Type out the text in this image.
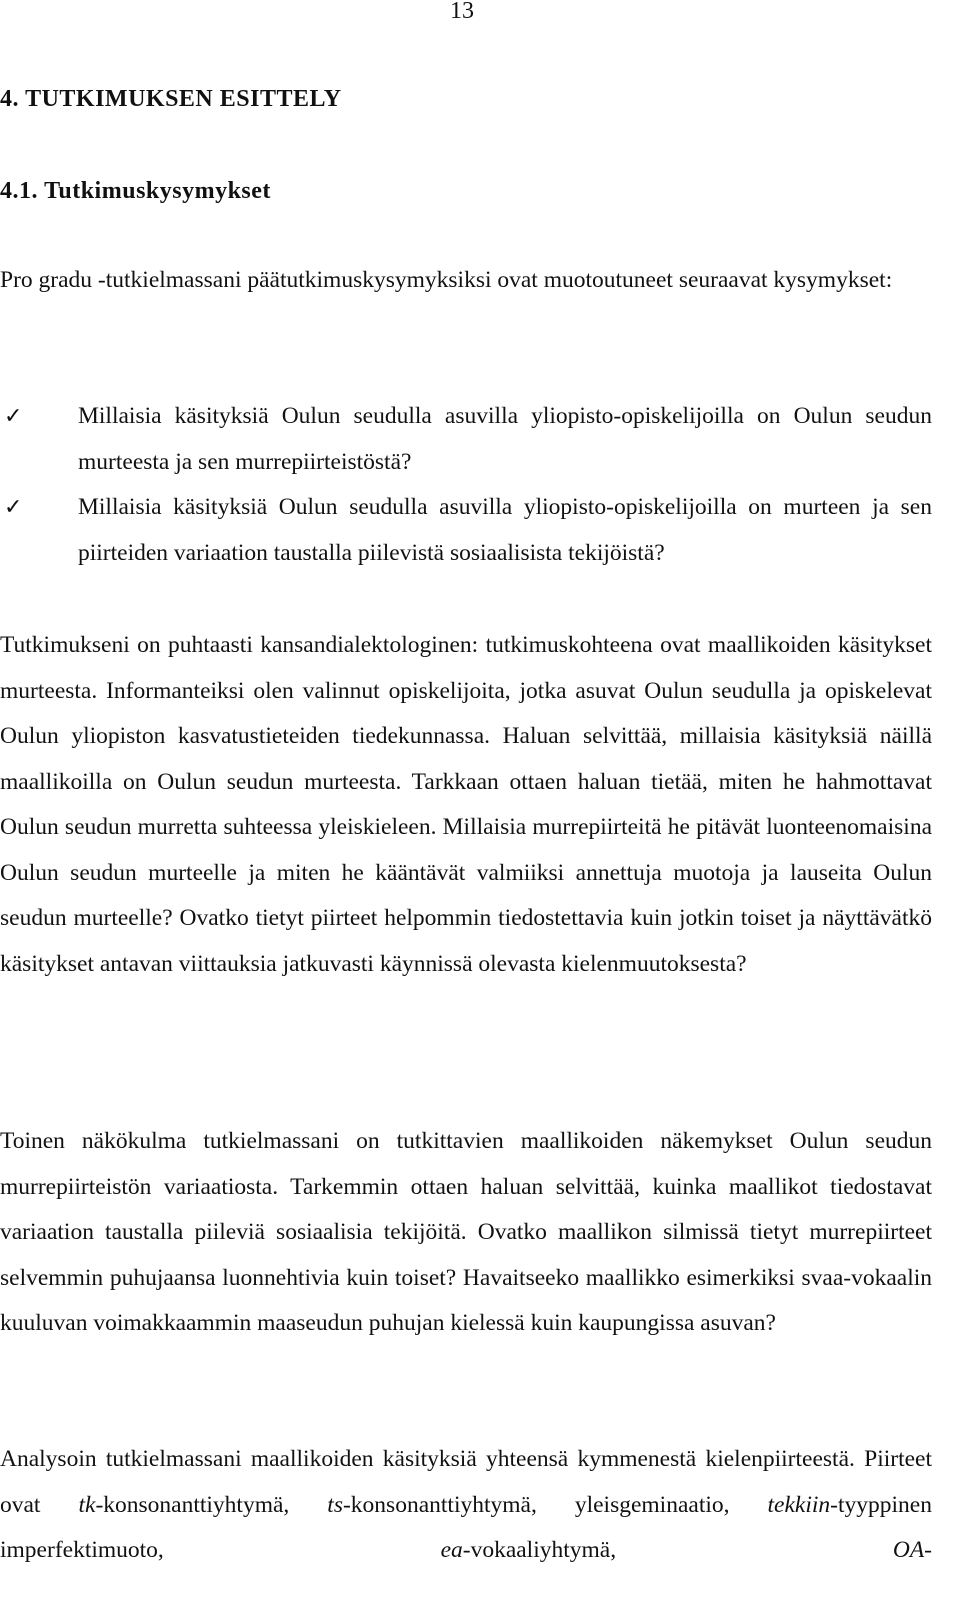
13
4. TUTKIMUKSEN ESITTELY
4.1. Tutkimuskysymykset

Pro gradu -tutkielmassani päätutkimuskysymyksiksi ovat muotoutuneet seuraavat kysymykset:

✓	Millaisia käsityksiä Oulun seudulla asuvilla yliopisto-opiskelijoilla on Oulun seudun murteesta ja sen murrepiirteistöstä?
✓	Millaisia käsityksiä Oulun seudulla asuvilla yliopisto-opiskelijoilla on murteen ja sen piirteiden variaation taustalla piilevistä sosiaalisista tekijöistä?

Tutkimukseni on puhtaasti kansandialektologinen: tutkimuskohteena ovat maallikoiden käsitykset murteesta. Informanteiksi olen valinnut opiskelijoita, jotka asuvat Oulun seudulla ja opiskelevat Oulun yliopiston kasvatustieteiden tiedekunnassa. Haluan selvittää, millaisia käsityksiä näillä maallikoilla on Oulun seudun murteesta. Tarkkaan ottaen haluan tietää, miten he hahmottavat Oulun seudun murretta suhteessa yleiskieleen. Millaisia murrepiirteitä he pitävät luonteenomaisina Oulun seudun murteelle ja miten he kääntävät valmiiksi annettuja muotoja ja lauseita Oulun seudun murteelle? Ovatko tietyt piirteet helpommin tiedostettavia kuin jotkin toiset ja näyttävätkö käsitykset antavan viittauksia jatkuvasti käynnissä olevasta kielenmuutoksesta?

Toinen näkökulma tutkielmassani on tutkittavien maallikoiden näkemykset Oulun seudun murrepiirteistön variaatiosta. Tarkemmin ottaen haluan selvittää, kuinka maallikot tiedostavat variaation taustalla piileviä sosiaalisia tekijöitä. Ovatko maallikon silmissä tietyt murrepiirteet selvemmin puhujaansa luonnehtivia kuin toiset? Havaitseeko maallikko esimerkiksi svaa-vokaalin kuuluvan voimakkaammin maaseudun puhujan kielessä kuin kaupungissa asuvan?

Analysoin tutkielmassani maallikoiden käsityksiä yhteensä kymmenestä kielenpiirteestä. Piirteet ovat tk-konsonanttiyhtymä, ts-konsonanttiyhtymä, yleisgeminaatio, tekkiin-tyyppinen imperfektimuoto, ea-vokaaliyhtymä, OA-
